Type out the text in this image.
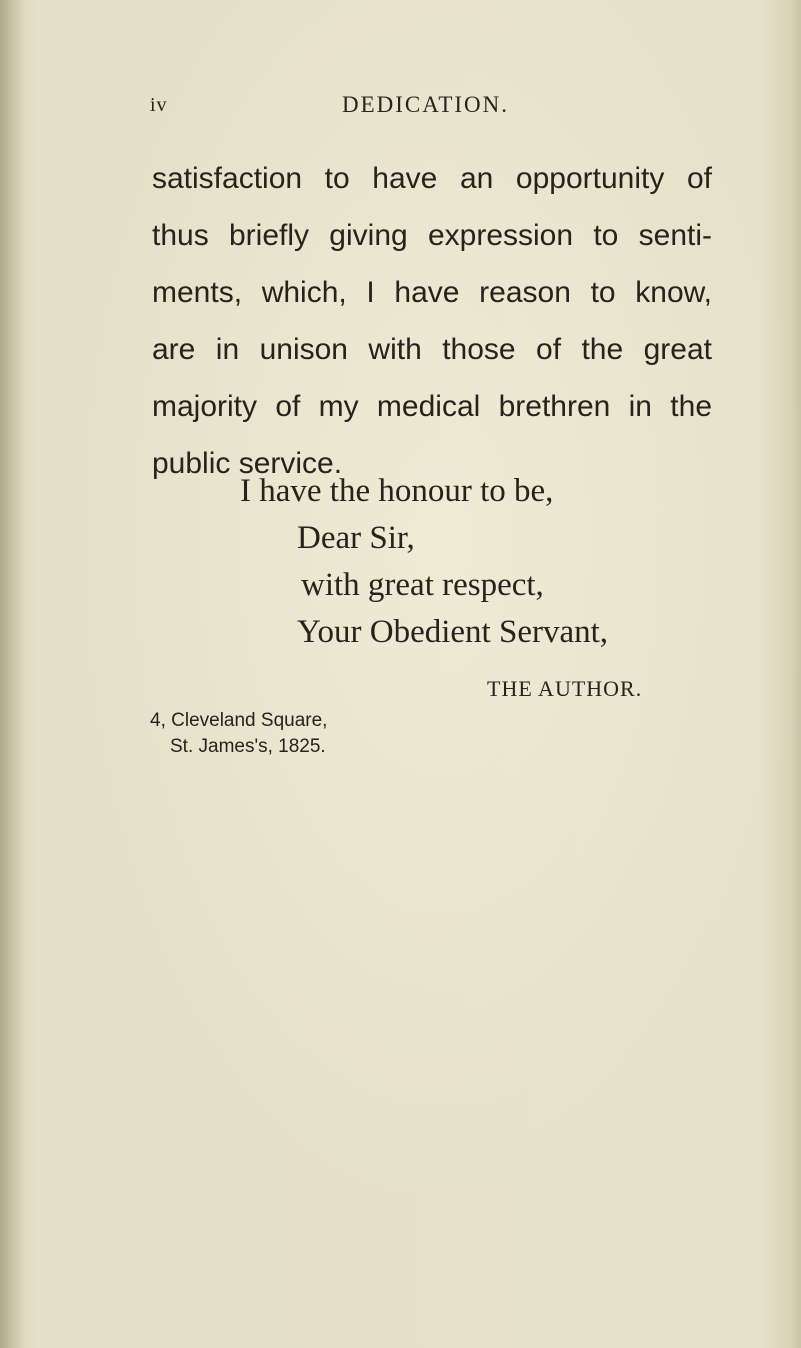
iv	DEDICATION.
satisfaction to have an opportunity of
thus briefly giving expression to senti-
ments, which, I have reason to know,
are in unison with those of the great
majority of my medical brethren in the
public service.
I have the honour to be,
Dear Sir,
with great respect,
Your Obedient Servant,
THE AUTHOR.
4, Cleveland Square,
St. James's, 1825.
